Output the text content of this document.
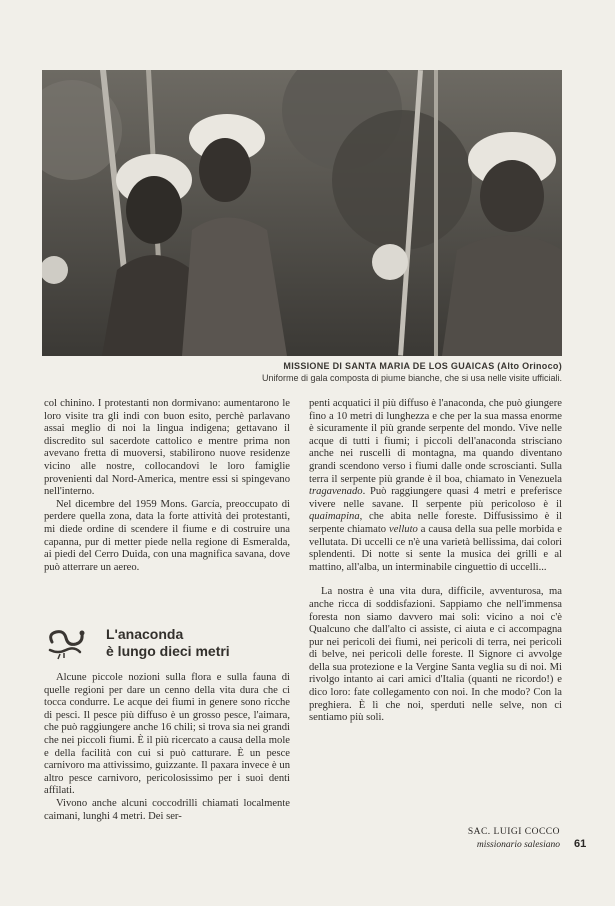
MISSIONE DI SANTA MARIA DE LOS GUAICAS (Alto Orinoco)
Uniforme di gala composta di piume bianche, che si usa nelle visite ufficiali.

col chinino. I protestanti non dormivano: aumentarono le loro visite tra gli indi con buon esito, perchè parlavano assai meglio di noi la lingua indigena; gettavano il discredito sul sacerdote cattolico e mentre prima non avevano fretta di muoversi, stabilirono nuove residenze vicino alle nostre, collocandovi le loro famiglie provenienti dal Nord-America, mentre essi si spingevano nell'interno.

Nel dicembre del 1959 Mons. García, preoccupato di perdere quella zona, data la forte attività dei protestanti, mi diede ordine di scendere il fiume e di costruire una capanna, pur di metter piede nella regione di Esmeralda, ai piedi del Cerro Duida, con una magnifica savana, dove può atterrare un aereo.

L'anaconda
è lungo dieci metri

Alcune piccole nozioni sulla flora e sulla fauna di quelle regioni per dare un cenno della vita dura che ci tocca condurre. Le acque dei fiumi in genere sono ricche di pesci. Il pesce più diffuso è un grosso pesce, l'aimara, che può raggiungere anche 16 chili; si trova sia nei grandi che nei piccoli fiumi. È il più ricercato a causa della mole e della facilità con cui si può catturare. È un pesce carnivoro ma attivissimo, guizzante. Il paxara invece è un altro pesce carnivoro, pericolosissimo per i suoi denti affilati.

Vivono anche alcuni coccodrilli chiamati localmente caimani, lunghi 4 metri. Dei ser-

penti acquatici il più diffuso è l'anaconda, che può giungere fino a 10 metri di lunghezza e che per la sua massa enorme è sicuramente il più grande serpente del mondo. Vive nelle acque di tutti i fiumi; i piccoli dell'anaconda strisciano anche nei ruscelli di montagna, ma quando diventano grandi scendono verso i fiumi dalle onde scroscianti. Sulla terra il serpente più grande è il boa, chiamato in Venezuela tragavenado. Può raggiungere quasi 4 metri e preferisce vivere nelle savane. Il serpente più pericoloso è il quaimapina, che abita nelle foreste. Diffusissimo è il serpente chiamato velluto a causa della sua pelle morbida e vellutata. Di uccelli ce n'è una varietà bellissima, dai colori splendenti. Di notte si sente la musica dei grilli e al mattino, all'alba, un interminabile cinguettio di uccelli...

La nostra è una vita dura, difficile, avventurosa, ma anche ricca di soddisfazioni. Sappiamo che nell'immensa foresta non siamo davvero mai soli: vicino a noi c'è Qualcuno che dall'alto ci assiste, ci aiuta e ci accompagna pur nei pericoli dei fiumi, nei pericoli di terra, nei pericoli di belve, nei pericoli delle foreste. Il Signore ci avvolge della sua protezione e la Vergine Santa veglia su di noi. Mi rivolgo intanto ai cari amici d'Italia (quanti ne ricordo!) e dico loro: fate collegamento con noi. In che modo? Con la preghiera. È lì che noi, sperduti nelle selve, non ci sentiamo più soli.

SAC. LUIGI COCCO
missionario salesiano 61
